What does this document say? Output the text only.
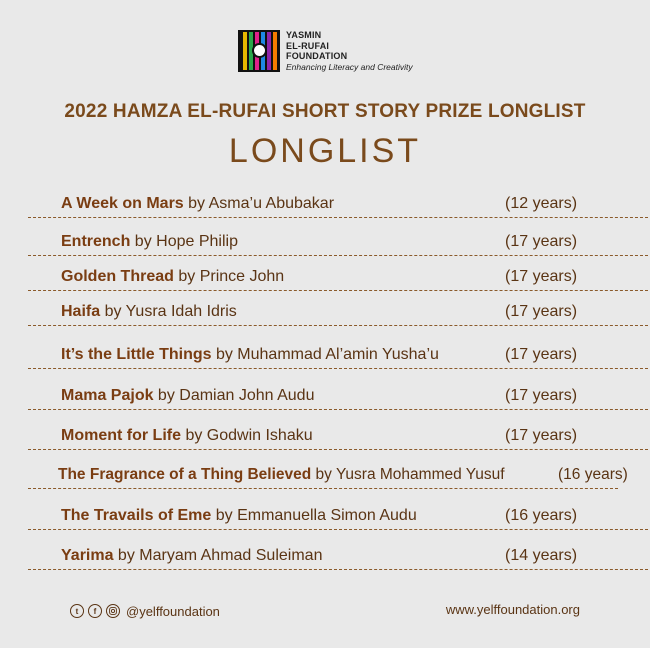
YASMIN
EL-RUFAI
FOUNDATION
Enhancing Literacy and Creativity
2022 HAMZA EL-RUFAI SHORT STORY PRIZE LONGLIST
LONGLIST
A Week on Mars by Asma’u Abubakar	(12 years)
Entrench by Hope Philip	(17 years)
Golden Thread by Prince John	(17 years)
Haifa by Yusra Idah Idris	(17 years)
It’s the Little Things by Muhammad Al’amin Yusha’u	(17 years)
Mama Pajok by Damian John Audu	(17 years)
Moment for Life by Godwin Ishaku	(17 years)
The Fragrance of a Thing Believed by Yusra Mohammed Yusuf	(16 years)
The Travails of Eme by Emmanuella Simon Audu	(16 years)
Yarima by Maryam Ahmad Suleiman	(14 years)
t	f	@yelffoundation	www.yelffoundation.org
